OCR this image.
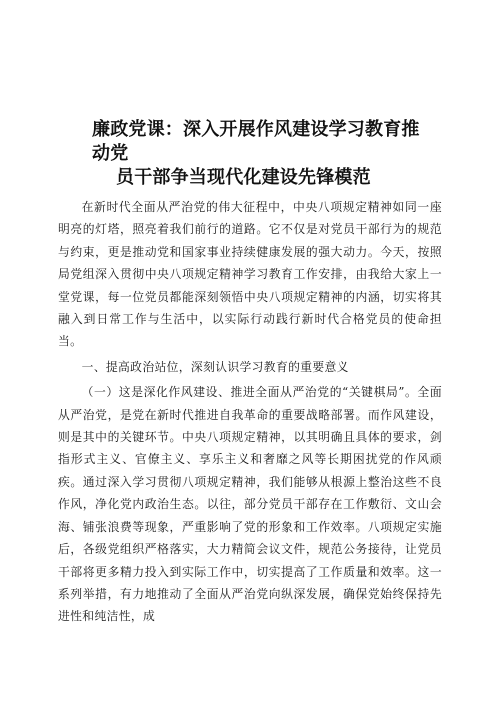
廉政党课：深入开展作风建设学习教育推动党
员干部争当现代化建设先锋模范

在新时代全面从严治党的伟大征程中，中央八项规定精神如同一座明亮的灯塔，照亮着我们前行的道路。它不仅是对党员干部行为的规范与约束，更是推动党和国家事业持续健康发展的强大动力。今天，按照局党组深入贯彻中央八项规定精神学习教育工作安排，由我给大家上一堂党课，每一位党员都能深刻领悟中央八项规定精神的内涵，切实将其融入到日常工作与生活中，以实际行动践行新时代合格党员的使命担当。

一、提高政治站位，深刻认识学习教育的重要意义

（一）这是深化作风建设、推进全面从严治党的“关键棋局”。全面从严治党，是党在新时代推进自我革命的重要战略部署。而作风建设，则是其中的关键环节。中央八项规定精神，以其明确且具体的要求，剑指形式主义、官僚主义、享乐主义和奢靡之风等长期困扰党的作风顽疾。通过深入学习贯彻八项规定精神，我们能够从根源上整治这些不良作风，净化党内政治生态。以往，部分党员干部存在工作敷衍、文山会海、铺张浪费等现象，严重影响了党的形象和工作效率。八项规定实施后，各级党组织严格落实，大力精简会议文件，规范公务接待，让党员干部将更多精力投入到实际工作中，切实提高了工作质量和效率。这一系列举措，有力地推动了全面从严治党向纵深发展，确保党始终保持先进性和纯洁性，成
